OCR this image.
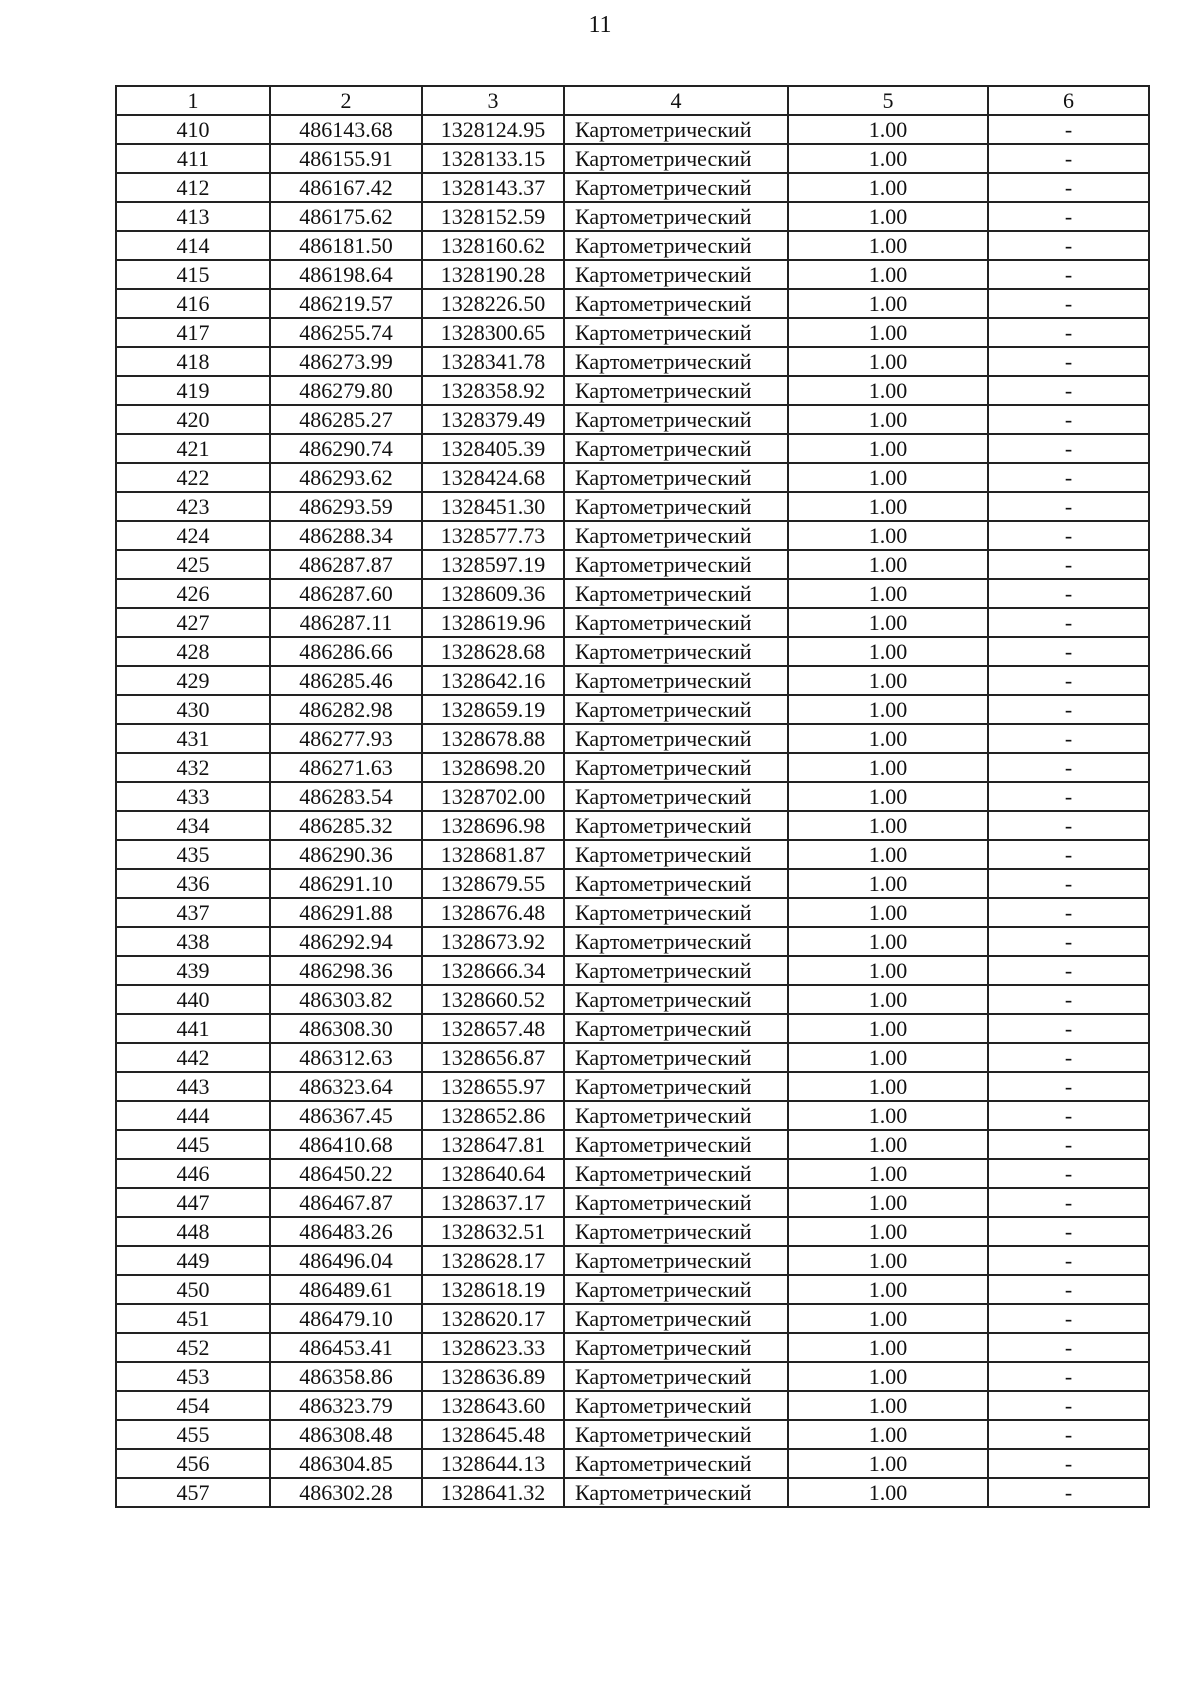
11
1	2	3	4	5	6
410	486143.68	1328124.95	Картометрический	1.00	-
411	486155.91	1328133.15	Картометрический	1.00	-
412	486167.42	1328143.37	Картометрический	1.00	-
413	486175.62	1328152.59	Картометрический	1.00	-
414	486181.50	1328160.62	Картометрический	1.00	-
415	486198.64	1328190.28	Картометрический	1.00	-
416	486219.57	1328226.50	Картометрический	1.00	-
417	486255.74	1328300.65	Картометрический	1.00	-
418	486273.99	1328341.78	Картометрический	1.00	-
419	486279.80	1328358.92	Картометрический	1.00	-
420	486285.27	1328379.49	Картометрический	1.00	-
421	486290.74	1328405.39	Картометрический	1.00	-
422	486293.62	1328424.68	Картометрический	1.00	-
423	486293.59	1328451.30	Картометрический	1.00	-
424	486288.34	1328577.73	Картометрический	1.00	-
425	486287.87	1328597.19	Картометрический	1.00	-
426	486287.60	1328609.36	Картометрический	1.00	-
427	486287.11	1328619.96	Картометрический	1.00	-
428	486286.66	1328628.68	Картометрический	1.00	-
429	486285.46	1328642.16	Картометрический	1.00	-
430	486282.98	1328659.19	Картометрический	1.00	-
431	486277.93	1328678.88	Картометрический	1.00	-
432	486271.63	1328698.20	Картометрический	1.00	-
433	486283.54	1328702.00	Картометрический	1.00	-
434	486285.32	1328696.98	Картометрический	1.00	-
435	486290.36	1328681.87	Картометрический	1.00	-
436	486291.10	1328679.55	Картометрический	1.00	-
437	486291.88	1328676.48	Картометрический	1.00	-
438	486292.94	1328673.92	Картометрический	1.00	-
439	486298.36	1328666.34	Картометрический	1.00	-
440	486303.82	1328660.52	Картометрический	1.00	-
441	486308.30	1328657.48	Картометрический	1.00	-
442	486312.63	1328656.87	Картометрический	1.00	-
443	486323.64	1328655.97	Картометрический	1.00	-
444	486367.45	1328652.86	Картометрический	1.00	-
445	486410.68	1328647.81	Картометрический	1.00	-
446	486450.22	1328640.64	Картометрический	1.00	-
447	486467.87	1328637.17	Картометрический	1.00	-
448	486483.26	1328632.51	Картометрический	1.00	-
449	486496.04	1328628.17	Картометрический	1.00	-
450	486489.61	1328618.19	Картометрический	1.00	-
451	486479.10	1328620.17	Картометрический	1.00	-
452	486453.41	1328623.33	Картометрический	1.00	-
453	486358.86	1328636.89	Картометрический	1.00	-
454	486323.79	1328643.60	Картометрический	1.00	-
455	486308.48	1328645.48	Картометрический	1.00	-
456	486304.85	1328644.13	Картометрический	1.00	-
457	486302.28	1328641.32	Картометрический	1.00	-
